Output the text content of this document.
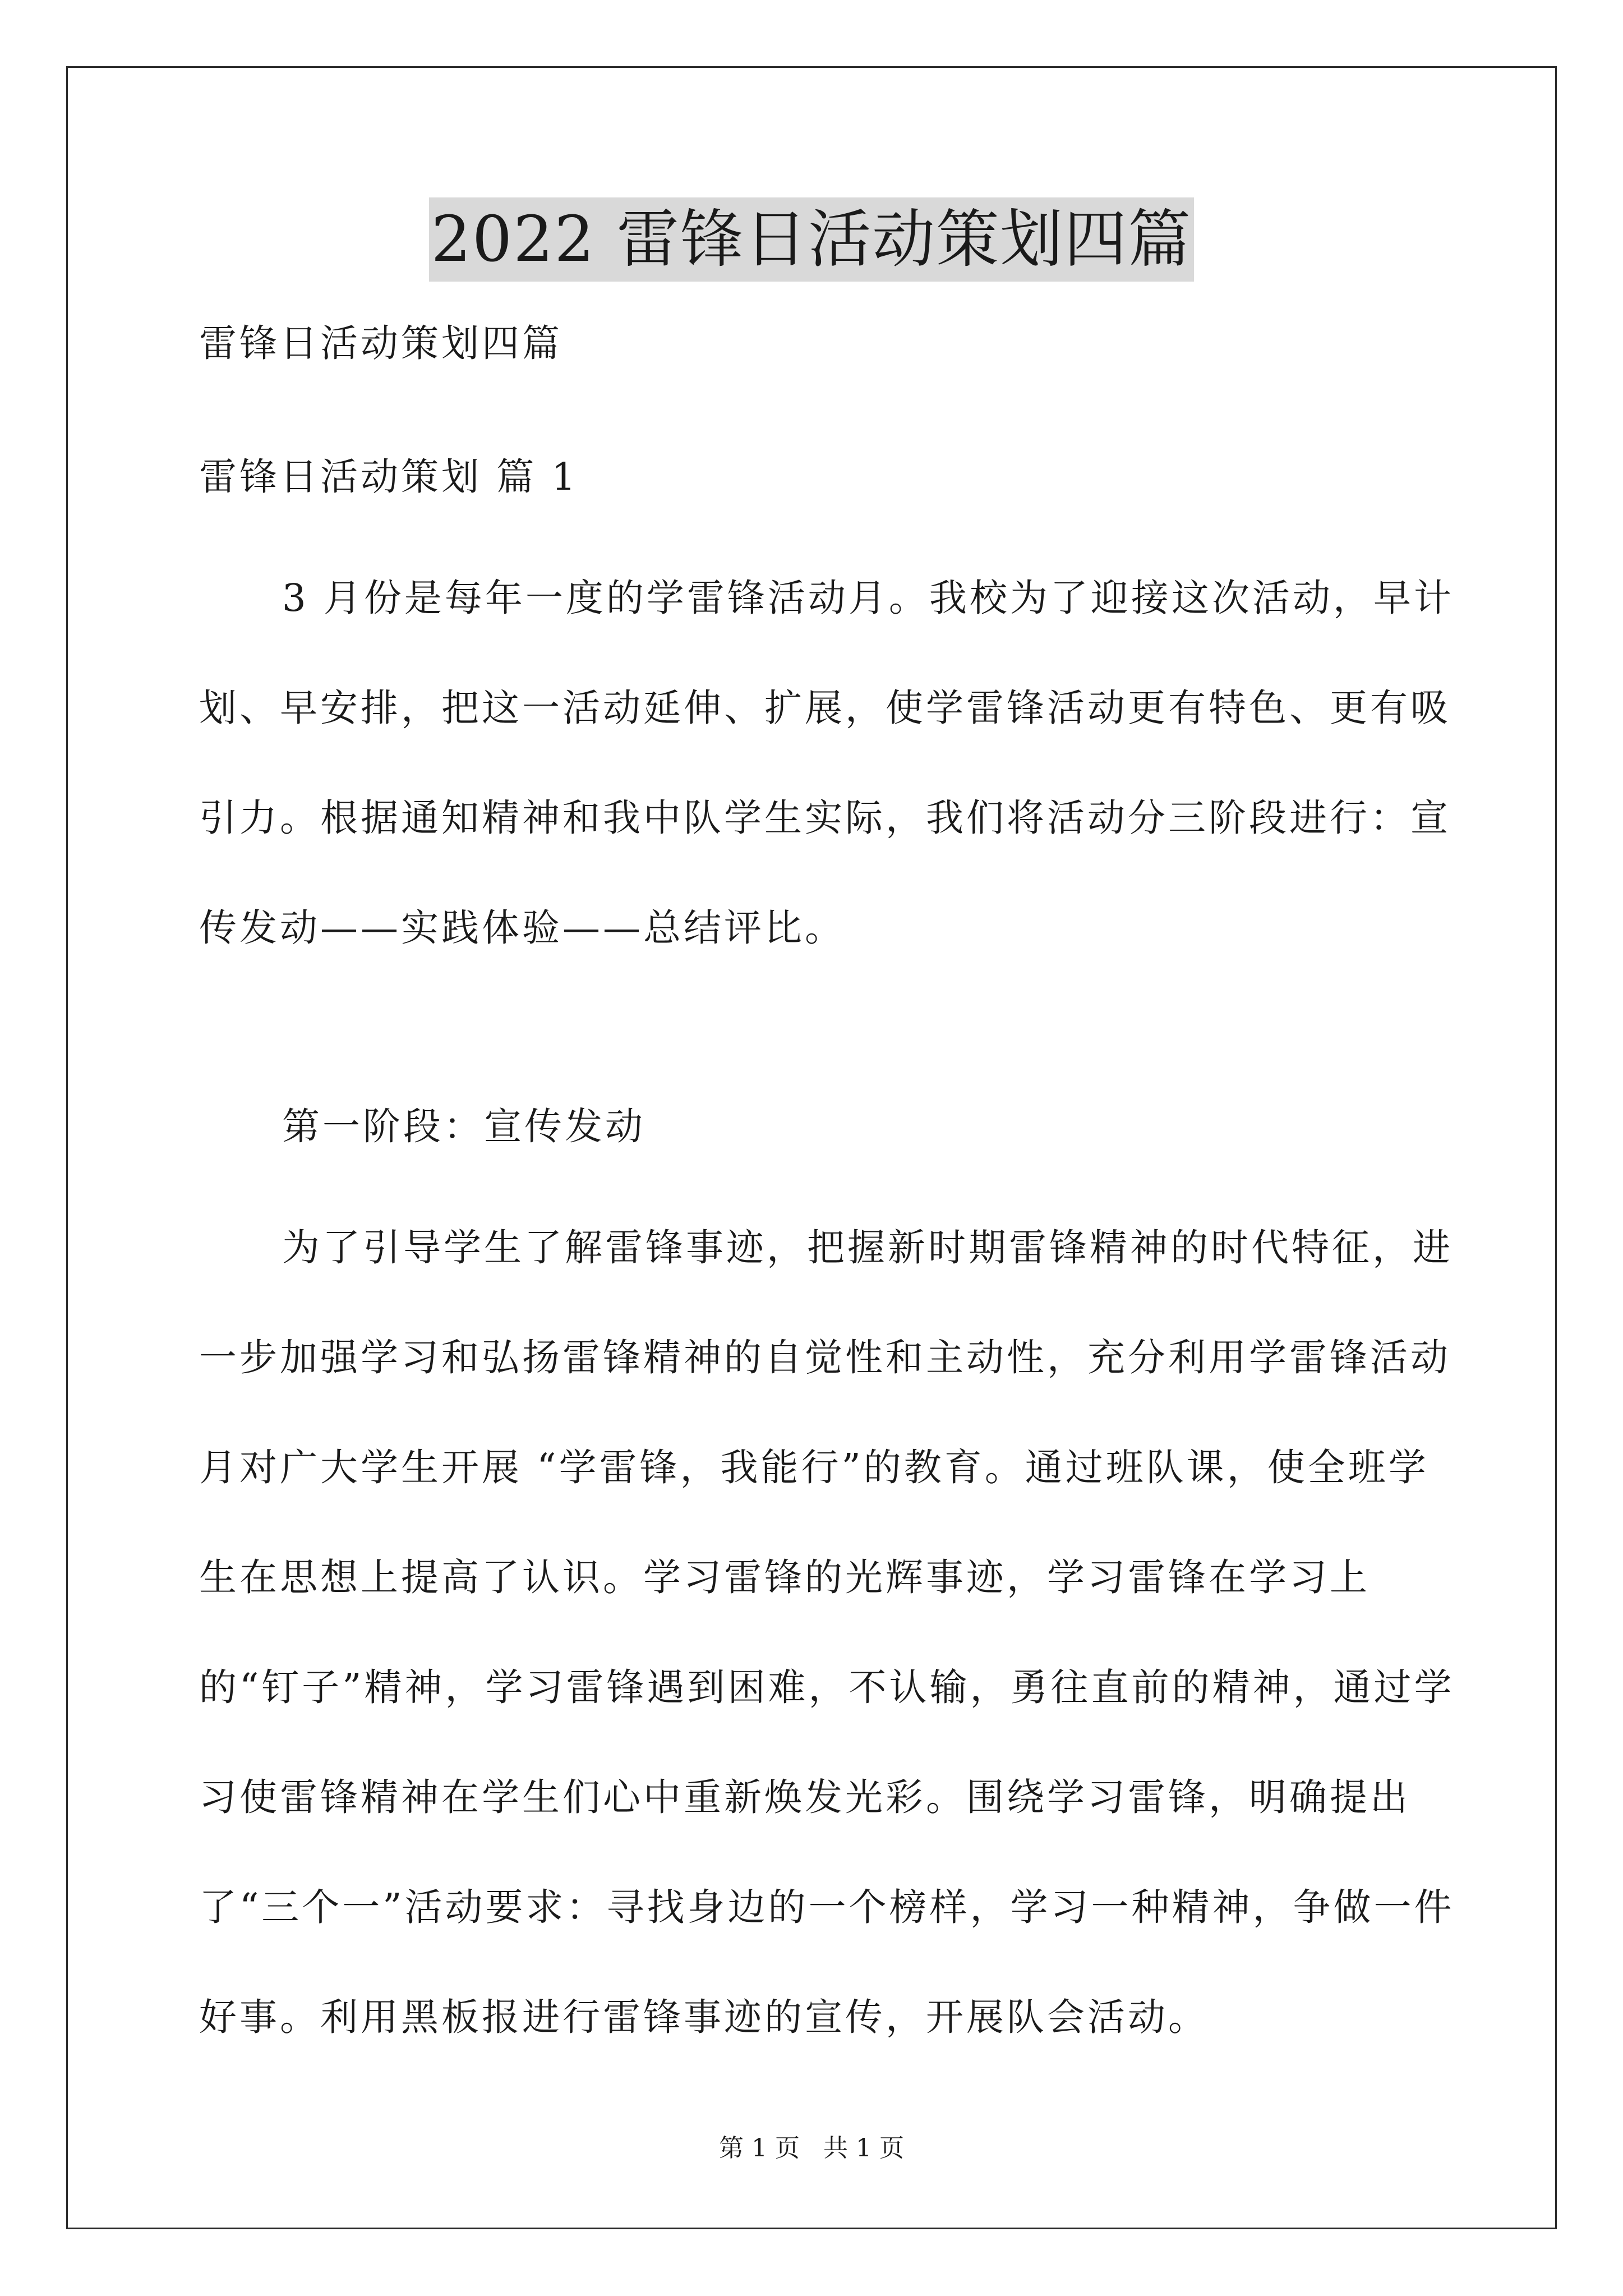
2022 雷锋日活动策划四篇

雷锋日活动策划四篇

雷锋日活动策划 篇 1

3 月份是每年一度的学雷锋活动月。我校为了迎接这次活动，早计划、早安排，把这一活动延伸、扩展，使学雷锋活动更有特色、更有吸引力。根据通知精神和我中队学生实际，我们将活动分三阶段进行：宣传发动——实践体验——总结评比。

第一阶段：宣传发动

为了引导学生了解雷锋事迹，把握新时期雷锋精神的时代特征，进一步加强学习和弘扬雷锋精神的自觉性和主动性，充分利用学雷锋活动月对广大学生开展 “学雷锋，我能行”的教育。通过班队课，使全班学生在思想上提高了认识。学习雷锋的光辉事迹，学习雷锋在学习上的“钉子”精神，学习雷锋遇到困难，不认输，勇往直前的精神，通过学习使雷锋精神在学生们心中重新焕发光彩。围绕学习雷锋，明确提出了“三个一”活动要求：寻找身边的一个榜样，学习一种精神，争做一件好事。利用黑板报进行雷锋事迹的宣传，开展队会活动。

第 1 页 共 1 页
